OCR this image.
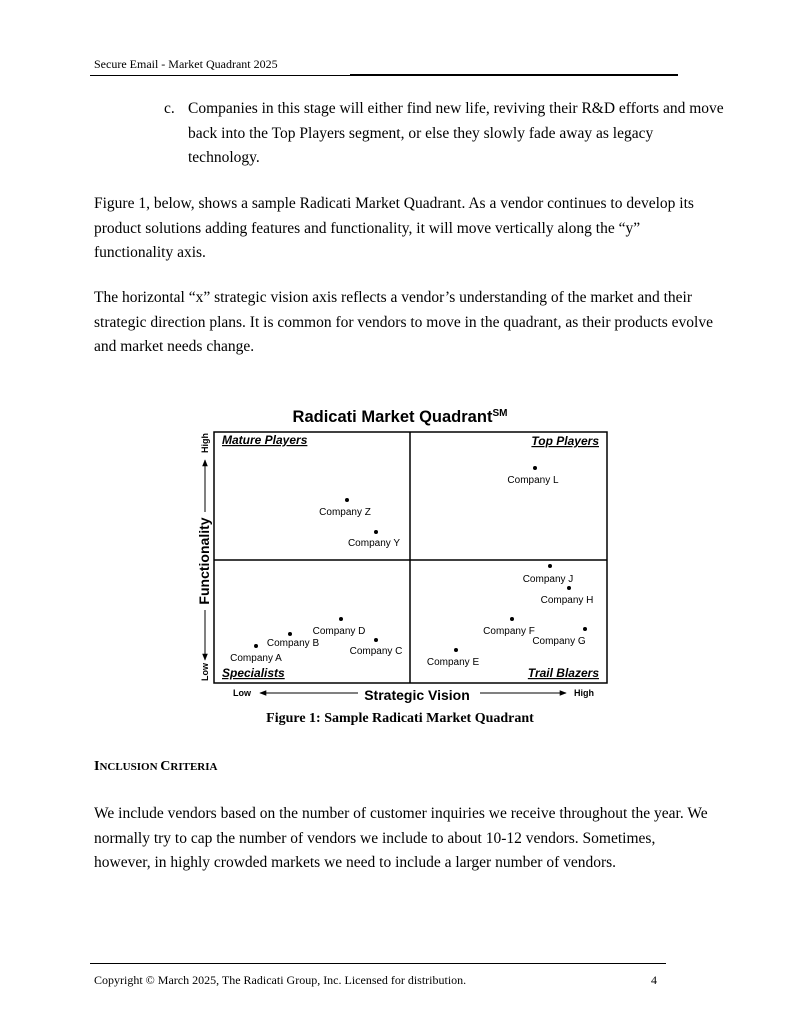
Secure Email - Market Quadrant 2025
c. Companies in this stage will either find new life, reviving their R&D efforts and move back into the Top Players segment, or else they slowly fade away as legacy technology.
Figure 1, below, shows a sample Radicati Market Quadrant. As a vendor continues to develop its product solutions adding features and functionality, it will move vertically along the “y” functionality axis.
The horizontal “x” strategic vision axis reflects a vendor’s understanding of the market and their strategic direction plans. It is common for vendors to move in the quadrant, as their products evolve and market needs change.
Radicati Market Quadrant℠
Mature Players	Top Players
Specialists	Trail Blazers
Company L
Company Z
Company Y
Company J
Company H
Company D
Company B
Company C
Company A
Company F
Company G
Company E
High
Low
Functionality
Low	High
Strategic Vision
Figure 1: Sample Radicati Market Quadrant
INCLUSION CRITERIA
We include vendors based on the number of customer inquiries we receive throughout the year. We normally try to cap the number of vendors we include to about 10-12 vendors. Sometimes, however, in highly crowded markets we need to include a larger number of vendors.
Copyright © March 2025, The Radicati Group, Inc. Licensed for distribution.	4
